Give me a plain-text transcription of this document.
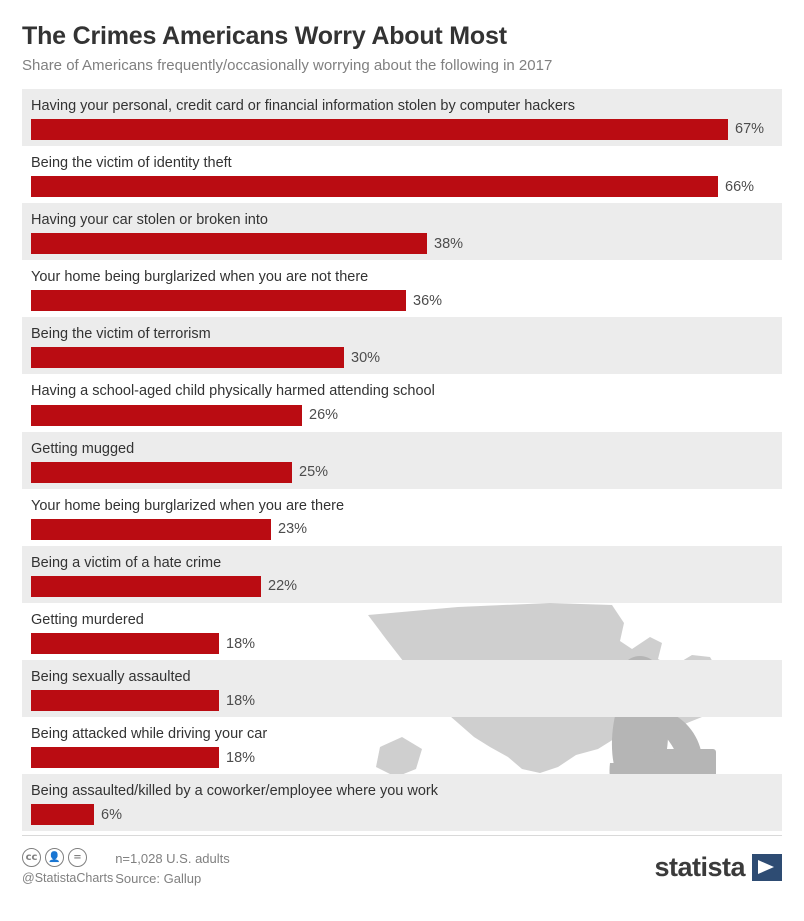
The Crimes Americans Worry About Most
Share of Americans frequently/occasionally worrying about the following in 2017
Having your personal, credit card or financial information stolen by computer hackers
67%
Being the victim of identity theft
66%
Having your car stolen or broken into
38%
Your home being burglarized when you are not there
36%
Being the victim of terrorism
30%
Having a school-aged child physically harmed attending school
26%
Getting mugged
25%
Your home being burglarized when you are there
23%
Being a victim of a hate crime
22%
Getting murdered
18%
Being sexually assaulted
18%
Being attacked while driving your car
18%
Being assaulted/killed by a coworker/employee where you work
6%
cc	👤	=
@StatistaCharts
n=1,028 U.S. adults
Source: Gallup	statista
